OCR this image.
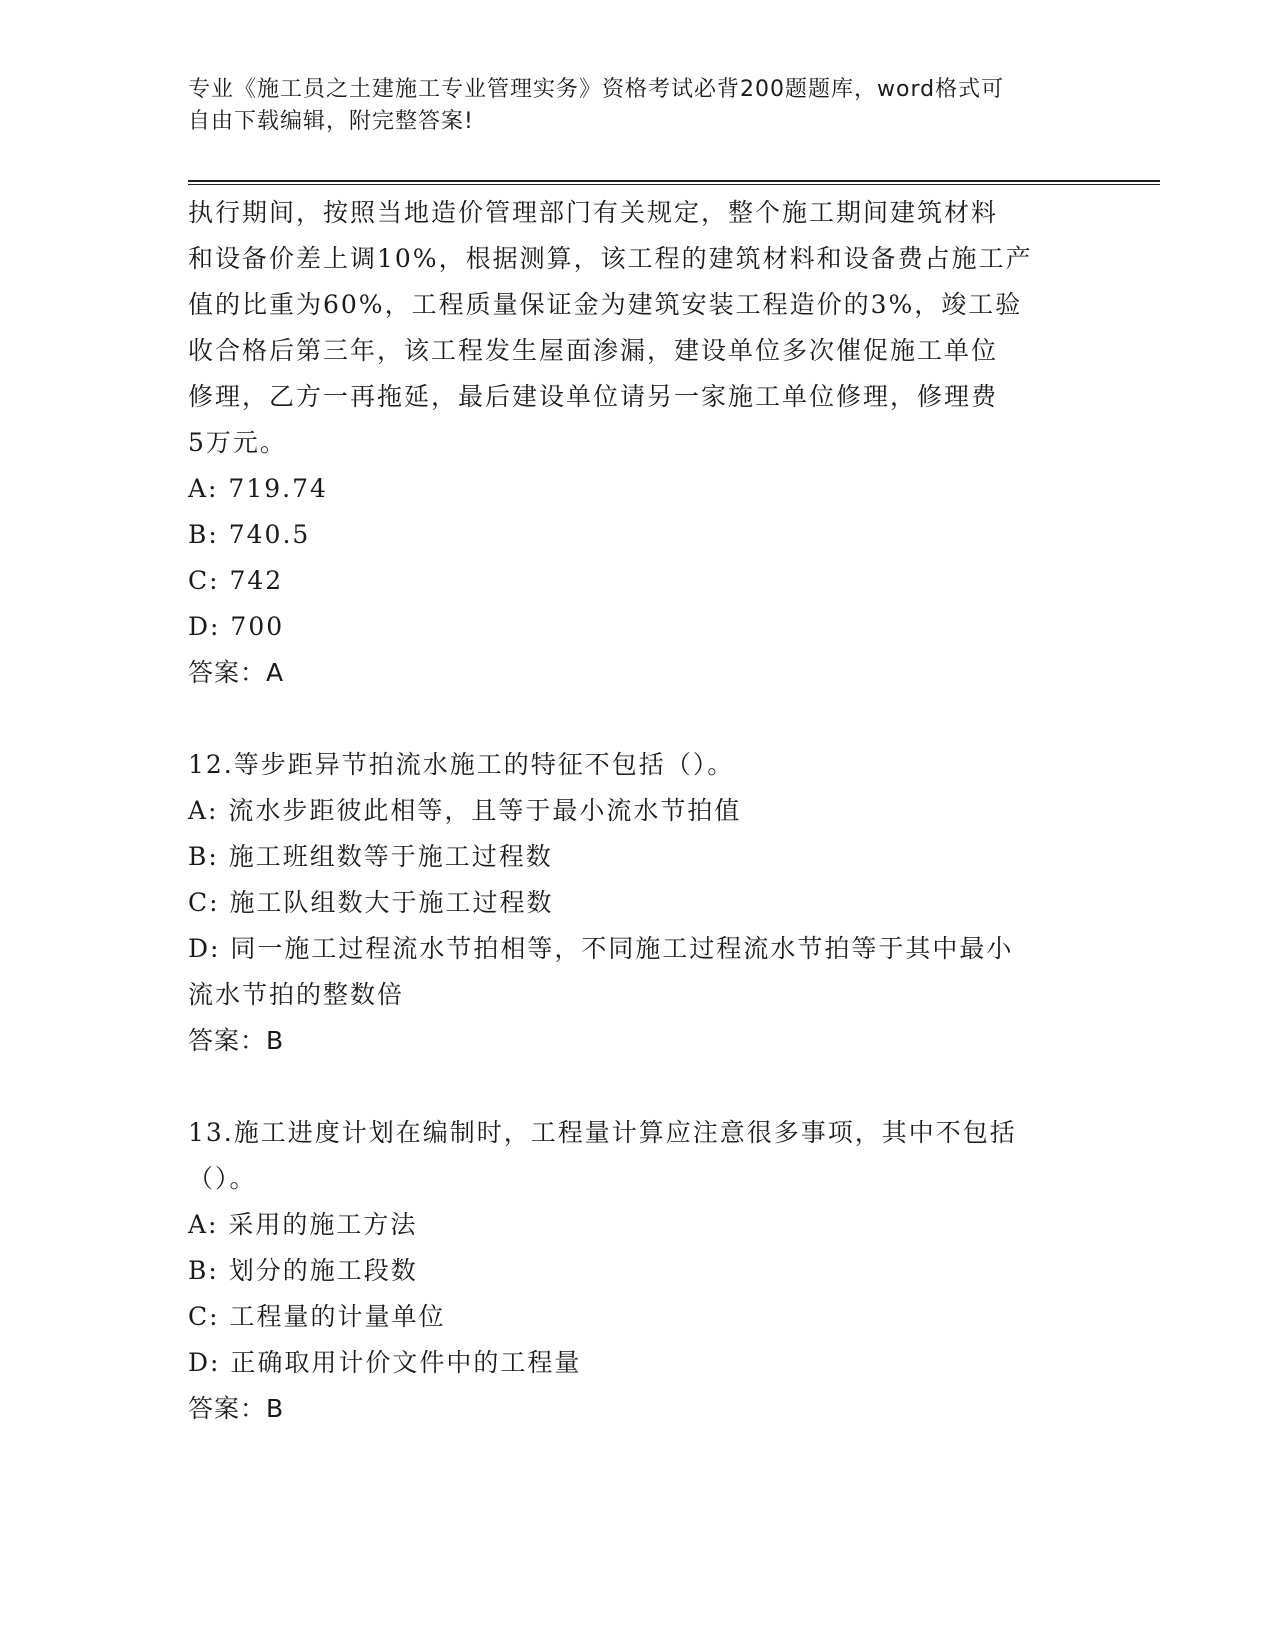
专业《施工员之土建施工专业管理实务》资格考试必背200题题库，word格式可
自由下载编辑，附完整答案!

执行期间，按照当地造价管理部门有关规定，整个施工期间建筑材料

和设备价差上调10%，根据测算，该工程的建筑材料和设备费占施工产

值的比重为60%，工程质量保证金为建筑安装工程造价的3%，竣工验

收合格后第三年，该工程发生屋面渗漏，建设单位多次催促施工单位

修理，乙方一再拖延，最后建设单位请另一家施工单位修理，修理费

5万元。

A: 719.74

B: 740.5

C: 742

D: 700

答案：A

12.等步距异节拍流水施工的特征不包括（）。

A: 流水步距彼此相等，且等于最小流水节拍值

B: 施工班组数等于施工过程数

C: 施工队组数大于施工过程数

D: 同一施工过程流水节拍相等，不同施工过程流水节拍等于其中最小

流水节拍的整数倍

答案：B

13.施工进度计划在编制时，工程量计算应注意很多事项，其中不包括

（）。

A: 采用的施工方法

B: 划分的施工段数

C: 工程量的计量单位

D: 正确取用计价文件中的工程量

答案：B
